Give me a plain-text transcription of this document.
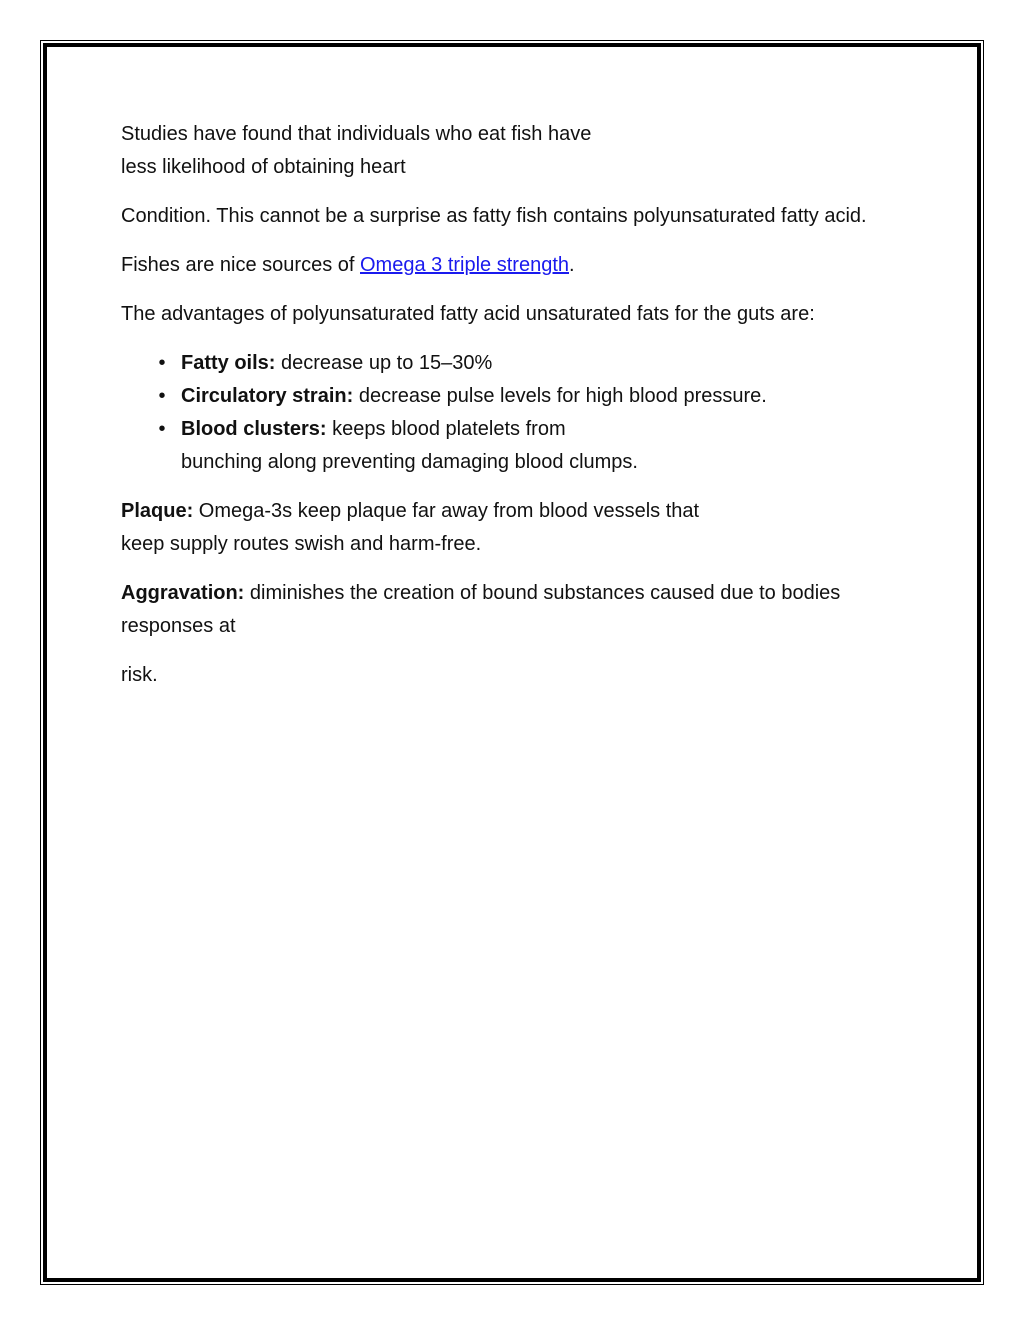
Studies have found that individuals who eat fish have

less likelihood of obtaining heart

Condition. This cannot be a surprise as fatty fish contains polyunsaturated fatty acid.

Fishes are nice sources of Omega 3 triple strength.

The advantages of polyunsaturated fatty acid unsaturated fats for the guts are:

• Fatty oils: decrease up to 15–30%
• Circulatory strain: decrease pulse levels for high blood pressure.
• Blood clusters: keeps blood platelets from
bunching along preventing damaging blood clumps.

Plaque: Omega-3s keep plaque far away from blood vessels that
keep supply routes swish and harm-free.

Aggravation: diminishes the creation of bound substances caused due to bodies responses at

risk.
